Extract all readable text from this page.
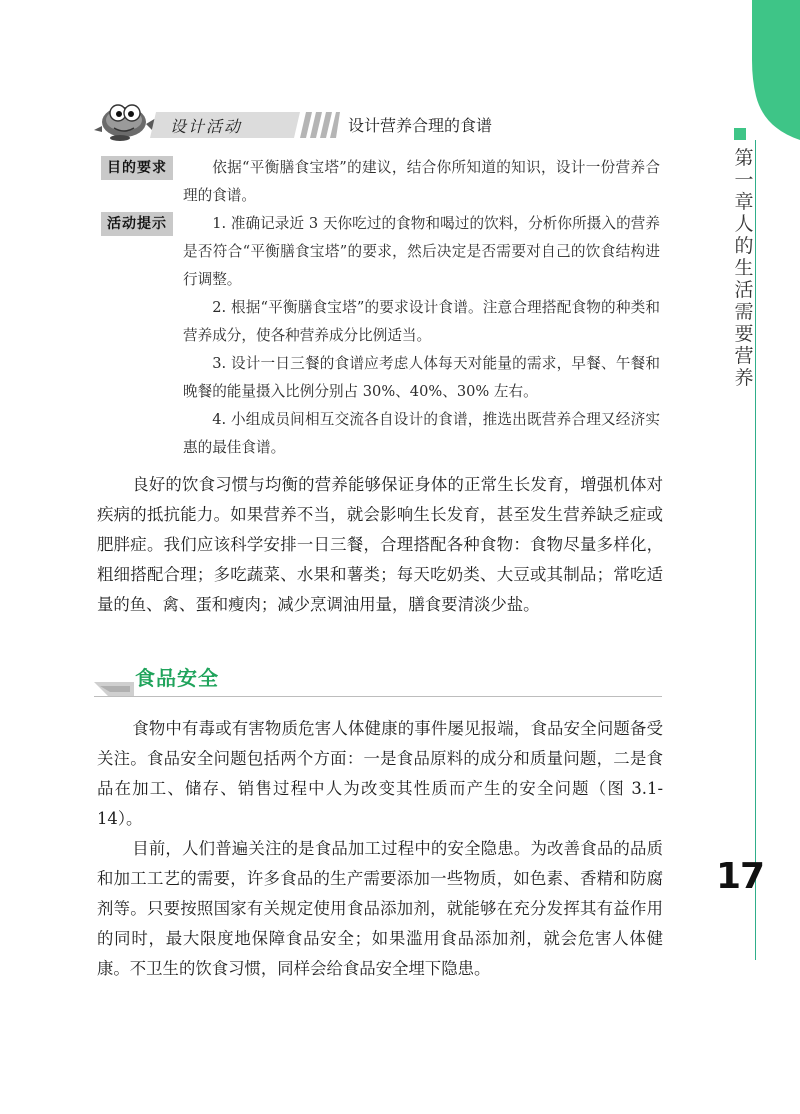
第一章人的生活需要营养
17
设计活动	设计营养合理的食谱
目的要求	依据“平衡膳食宝塔”的建议，结合你所知道的知识，设计一份营养合理的食谱。

活动提示	1. 准确记录近 3 天你吃过的食物和喝过的饮料，分析你所摄入的营养是否符合“平衡膳食宝塔”的要求，然后决定是否需要对自己的饮食结构进行调整。

2. 根据“平衡膳食宝塔”的要求设计食谱。注意合理搭配食物的种类和营养成分，使各种营养成分比例适当。

3. 设计一日三餐的食谱应考虑人体每天对能量的需求，早餐、午餐和晚餐的能量摄入比例分别占 30%、40%、30% 左右。

4. 小组成员间相互交流各自设计的食谱，推选出既营养合理又经济实惠的最佳食谱。

良好的饮食习惯与均衡的营养能够保证身体的正常生长发育，增强机体对疾病的抵抗能力。如果营养不当，就会影响生长发育，甚至发生营养缺乏症或肥胖症。我们应该科学安排一日三餐，合理搭配各种食物：食物尽量多样化，粗细搭配合理；多吃蔬菜、水果和薯类；每天吃奶类、大豆或其制品；常吃适量的鱼、禽、蛋和瘦肉；减少烹调油用量，膳食要清淡少盐。

食品安全

食物中有毒或有害物质危害人体健康的事件屡见报端，食品安全问题备受关注。食品安全问题包括两个方面：一是食品原料的成分和质量问题，二是食品在加工、储存、销售过程中人为改变其性质而产生的安全问题（图 3.1-14）。

目前，人们普遍关注的是食品加工过程中的安全隐患。为改善食品的品质和加工工艺的需要，许多食品的生产需要添加一些物质，如色素、香精和防腐剂等。只要按照国家有关规定使用食品添加剂，就能够在充分发挥其有益作用的同时，最大限度地保障食品安全；如果滥用食品添加剂，就会危害人体健康。不卫生的饮食习惯，同样会给食品安全埋下隐患。
